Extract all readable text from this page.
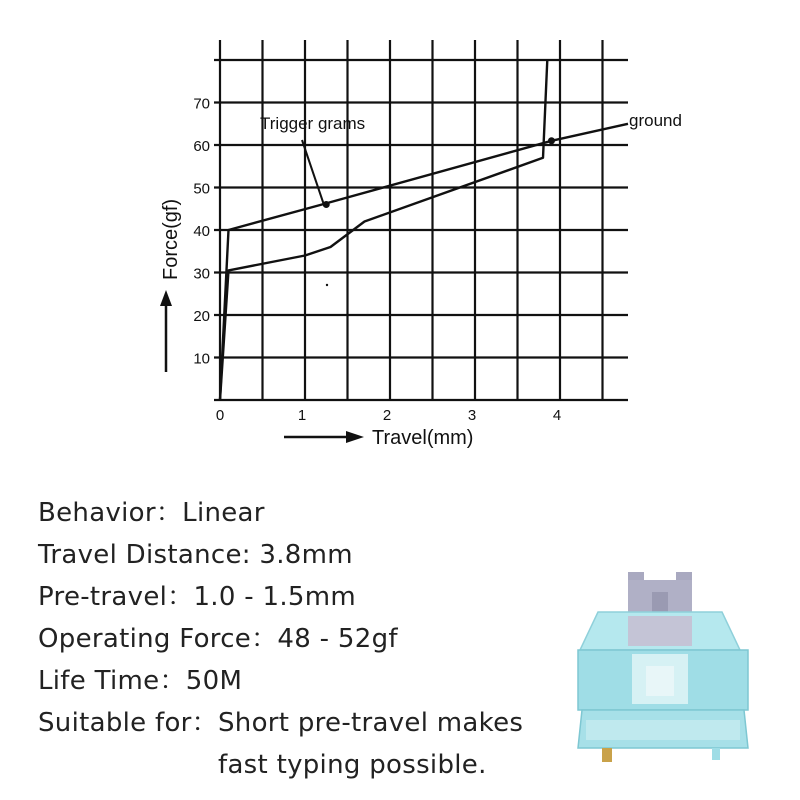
10
20
30
40
50
60
70
0	1	2	3	4
Trigger grams	ground
Force(gf)
Travel(mm)
Behavior：Linear
Travel Distance: 3.8mm
Pre-travel：1.0 - 1.5mm
Operating Force：48 - 52gf
Life Time：50M
Suitable for： Short pre-travel makes fast typing possible.
